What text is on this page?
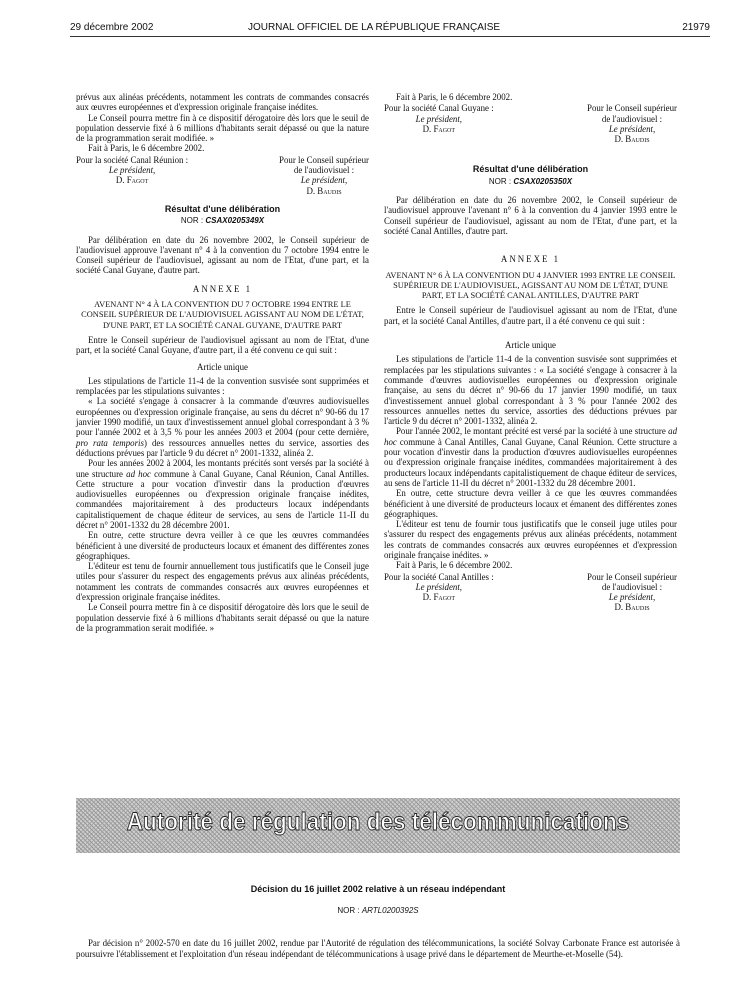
29 décembre 2002	JOURNAL OFFICIEL DE LA RÉPUBLIQUE FRANÇAISE	21979

prévus aux alinéas précédents, notamment les contrats de commandes consacrés aux œuvres européennes et d'expression originale française inédites.

Le Conseil pourra mettre fin à ce dispositif dérogatoire dès lors que le seuil de population desservie fixé à 6 millions d'habitants serait dépassé ou que la nature de la programmation serait modifiée. »

Fait à Paris, le 6 décembre 2002.

Pour la société Canal Réunion :
Le président,
D. Fagot
Pour le Conseil supérieur
de l'audiovisuel :
Le président,
D. Baudis
Résultat d'une délibération
NOR : CSAX0205349X

Par délibération en date du 26 novembre 2002, le Conseil supérieur de l'audiovisuel approuve l'avenant n° 4 à la convention du 7 octobre 1994 entre le Conseil supérieur de l'audiovisuel, agissant au nom de l'Etat, d'une part, et la société Canal Guyane, d'autre part.

ANNEXE 1
AVENANT N° 4 À LA CONVENTION DU 7 OCTOBRE 1994 ENTRE LE CONSEIL SUPÉRIEUR DE L'AUDIOVISUEL AGISSANT AU NOM DE L'ÉTAT, D'UNE PART, ET LA SOCIÉTÉ CANAL GUYANE, D'AUTRE PART

Entre le Conseil supérieur de l'audiovisuel agissant au nom de l'Etat, d'une part, et la société Canal Guyane, d'autre part, il a été convenu ce qui suit :

Article unique

Les stipulations de l'article 11-4 de la convention susvisée sont supprimées et remplacées par les stipulations suivantes :

« La société s'engage à consacrer à la commande d'œuvres audiovisuelles européennes ou d'expression originale française, au sens du décret n° 90-66 du 17 janvier 1990 modifié, un taux d'investissement annuel global correspondant à 3 % pour l'année 2002 et à 3,5 % pour les années 2003 et 2004 (pour cette dernière, pro rata temporis) des ressources annuelles nettes du service, assorties des déductions prévues par l'article 9 du décret n° 2001-1332, alinéa 2.

Pour les années 2002 à 2004, les montants précités sont versés par la société à une structure ad hoc commune à Canal Guyane, Canal Réunion, Canal Antilles. Cette structure a pour vocation d'investir dans la production d'œuvres audiovisuelles européennes ou d'expression originale française inédites, commandées majoritairement à des producteurs locaux indépendants capitalistiquement de chaque éditeur de services, au sens de l'article 11-II du décret n° 2001-1332 du 28 décembre 2001.

En outre, cette structure devra veiller à ce que les œuvres commandées bénéficient à une diversité de producteurs locaux et émanent des différentes zones géographiques.

L'éditeur est tenu de fournir annuellement tous justificatifs que le Conseil juge utiles pour s'assurer du respect des engagements prévus aux alinéas précédents, notamment les contrats de commandes consacrés aux œuvres européennes et d'expression originale française inédites.

Le Conseil pourra mettre fin à ce dispositif dérogatoire dès lors que le seuil de population desservie fixé à 6 millions d'habitants serait dépassé ou que la nature de la programmation serait modifiée. »

Fait à Paris, le 6 décembre 2002.

Pour la société Canal Guyane :
Le président,
D. Fagot
Pour le Conseil supérieur
de l'audiovisuel :
Le président,
D. Baudis
Résultat d'une délibération
NOR : CSAX0205350X

Par délibération en date du 26 novembre 2002, le Conseil supérieur de l'audiovisuel approuve l'avenant n° 6 à la convention du 4 janvier 1993 entre le Conseil supérieur de l'audiovisuel, agissant au nom de l'Etat, d'une part, et la société Canal Antilles, d'autre part.

ANNEXE 1
AVENANT N° 6 À LA CONVENTION DU 4 JANVIER 1993 ENTRE LE CONSEIL SUPÉRIEUR DE L'AUDIOVISUEL, AGISSANT AU NOM DE L'ÉTAT, D'UNE PART, ET LA SOCIÉTÉ CANAL ANTILLES, D'AUTRE PART

Entre le Conseil supérieur de l'audiovisuel agissant au nom de l'Etat, d'une part, et la société Canal Antilles, d'autre part, il a été convenu ce qui suit :

Article unique

Les stipulations de l'article 11-4 de la convention susvisée sont supprimées et remplacées par les stipulations suivantes : « La société s'engage à consacrer à la commande d'œuvres audiovisuelles européennes ou d'expression originale française, au sens du décret n° 90-66 du 17 janvier 1990 modifié, un taux d'investissement annuel global correspondant à 3 % pour l'année 2002 des ressources annuelles nettes du service, assorties des déductions prévues par l'article 9 du décret n° 2001-1332, alinéa 2.

Pour l'année 2002, le montant précité est versé par la société à une structure ad hoc commune à Canal Antilles, Canal Guyane, Canal Réunion. Cette structure a pour vocation d'investir dans la production d'œuvres audiovisuelles européennes ou d'expression originale française inédites, commandées majoritairement à des producteurs locaux indépendants capitalistiquement de chaque éditeur de services, au sens de l'article 11-II du décret n° 2001-1332 du 28 décembre 2001.

En outre, cette structure devra veiller à ce que les œuvres commandées bénéficient à une diversité de producteurs locaux et émanent des différentes zones géographiques.

L'éditeur est tenu de fournir tous justificatifs que le conseil juge utiles pour s'assurer du respect des engagements prévus aux alinéas précédents, notamment les contrats de commandes consacrés aux œuvres européennes et d'expression originale française inédites. »

Fait à Paris, le 6 décembre 2002.

Pour la société Canal Antilles :
Le président,
D. Fagot
Pour le Conseil supérieur
de l'audiovisuel :
Le président,
D. Baudis
Autorité de régulation des télécommunications
Décision du 16 juillet 2002 relative à un réseau indépendant
NOR : ARTL0200392S
Par décision n° 2002-570 en date du 16 juillet 2002, rendue par l'Autorité de régulation des télécommunications, la société Solvay Carbonate France est autorisée à poursuivre l'établissement et l'exploitation d'un réseau indépendant de télécommunications à usage privé dans le département de Meurthe-et-Moselle (54).
